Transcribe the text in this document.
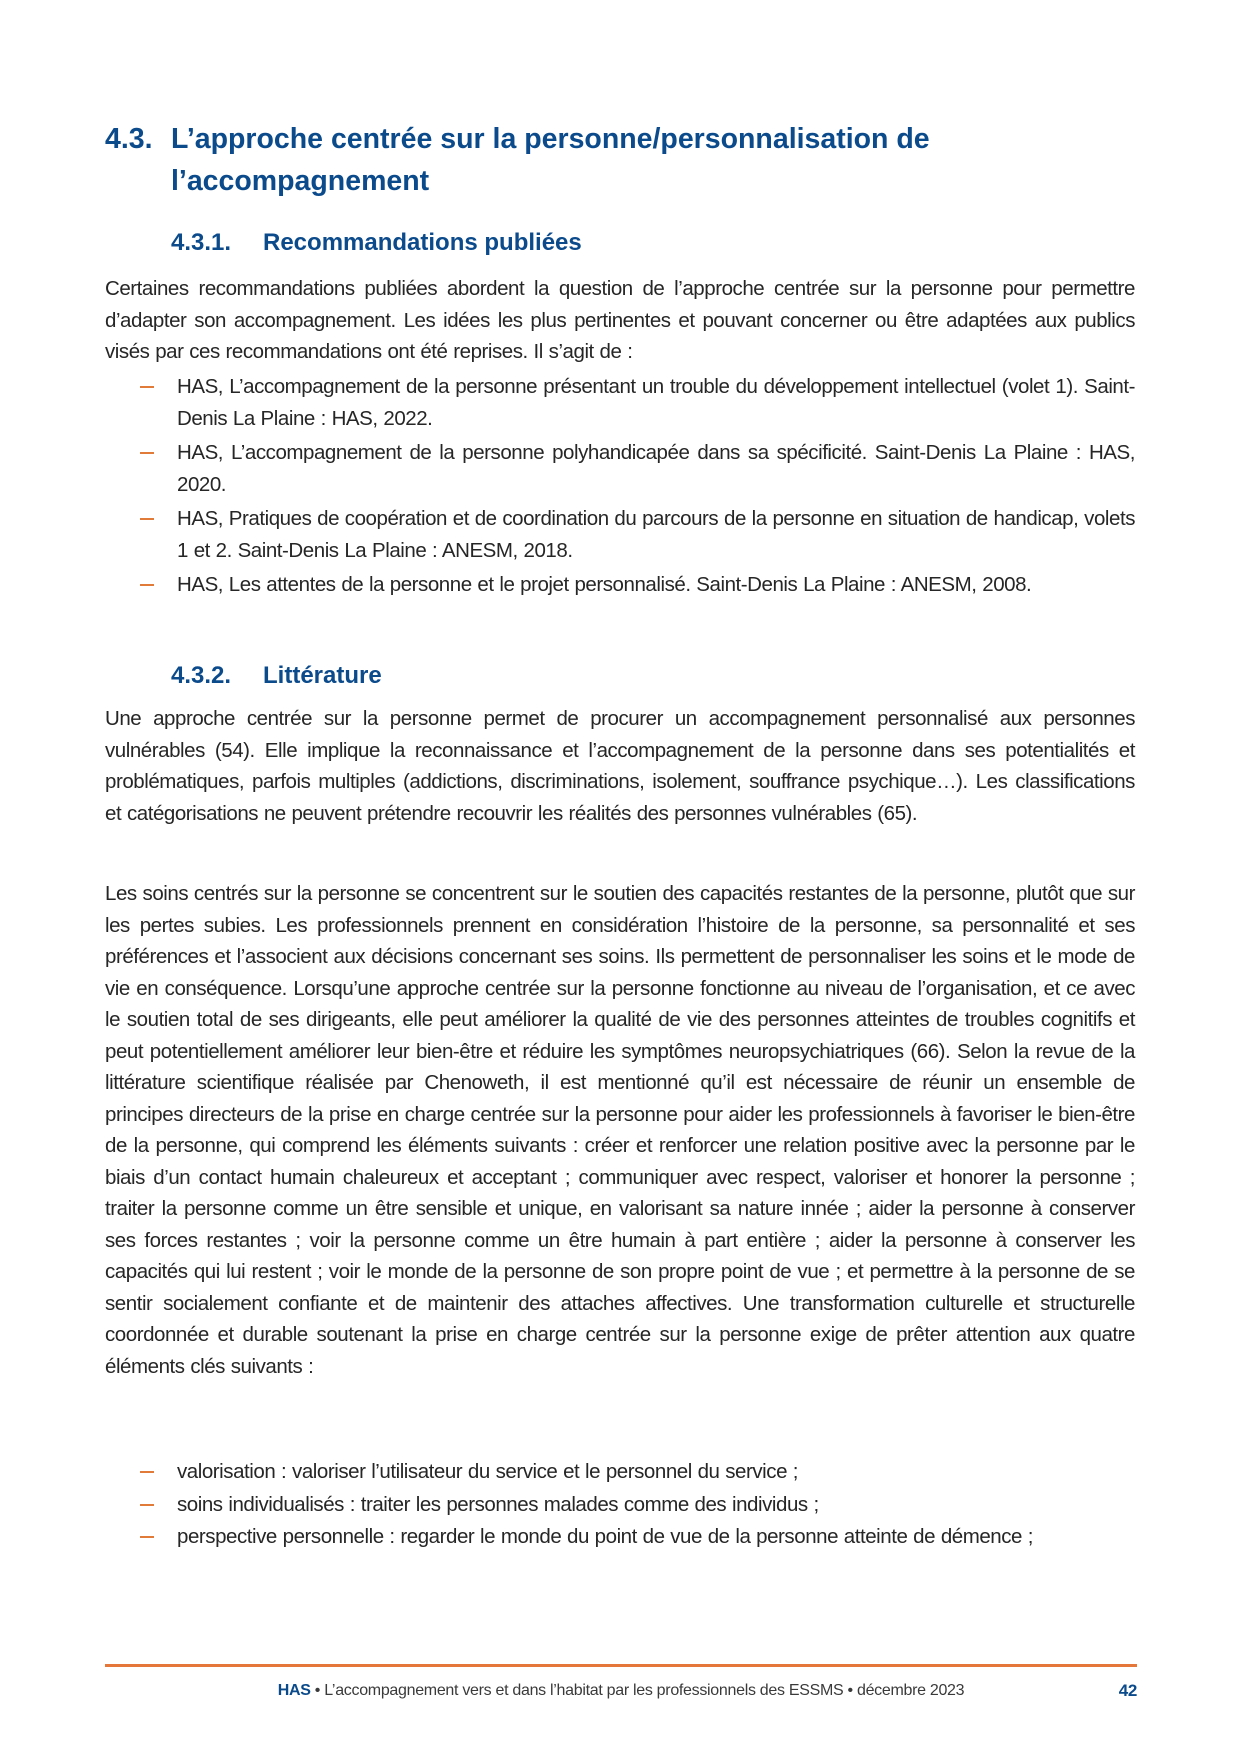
4.3. L’approche centrée sur la personne/personnalisation de l’accompagnement
4.3.1.	Recommandations publiées

Certaines recommandations publiées abordent la question de l’approche centrée sur la personne pour permettre d’adapter son accompagnement. Les idées les plus pertinentes et pouvant concerner ou être adaptées aux publics visés par ces recommandations ont été reprises. Il s’agit de :

HAS, L’accompagnement de la personne présentant un trouble du développement intellectuel (volet 1). Saint-Denis La Plaine : HAS, 2022.
HAS, L’accompagnement de la personne polyhandicapée dans sa spécificité. Saint-Denis La Plaine : HAS, 2020.
HAS, Pratiques de coopération et de coordination du parcours de la personne en situation de handicap, volets 1 et 2. Saint-Denis La Plaine : ANESM, 2018.
HAS, Les attentes de la personne et le projet personnalisé. Saint-Denis La Plaine : ANESM, 2008.
4.3.2.	Littérature

Une approche centrée sur la personne permet de procurer un accompagnement personnalisé aux personnes vulnérables (54). Elle implique la reconnaissance et l’accompagnement de la personne dans ses potentialités et problématiques, parfois multiples (addictions, discriminations, isolement, souffrance psychique…). Les classifications et catégorisations ne peuvent prétendre recouvrir les réalités des personnes vulnérables (65).

Les soins centrés sur la personne se concentrent sur le soutien des capacités restantes de la personne, plutôt que sur les pertes subies. Les professionnels prennent en considération l’histoire de la personne, sa personnalité et ses préférences et l’associent aux décisions concernant ses soins. Ils permettent de personnaliser les soins et le mode de vie en conséquence. Lorsqu’une approche centrée sur la personne fonctionne au niveau de l’organisation, et ce avec le soutien total de ses dirigeants, elle peut améliorer la qualité de vie des personnes atteintes de troubles cognitifs et peut potentiellement améliorer leur bien-être et réduire les symptômes neuropsychiatriques (66). Selon la revue de la littérature scientifique réalisée par Chenoweth, il est mentionné qu’il est nécessaire de réunir un ensemble de principes directeurs de la prise en charge centrée sur la personne pour aider les professionnels à favoriser le bien-être de la personne, qui comprend les éléments suivants : créer et renforcer une relation positive avec la personne par le biais d’un contact humain chaleureux et acceptant ; communiquer avec respect, valoriser et honorer la personne ; traiter la personne comme un être sensible et unique, en valorisant sa nature innée ; aider la personne à conserver ses forces restantes ; voir la personne comme un être humain à part entière ; aider la personne à conserver les capacités qui lui restent ; voir le monde de la personne de son propre point de vue ; et permettre à la personne de se sentir socialement confiante et de maintenir des attaches affectives. Une transformation culturelle et structurelle coordonnée et durable soutenant la prise en charge centrée sur la personne exige de prêter attention aux quatre éléments clés suivants :

valorisation : valoriser l’utilisateur du service et le personnel du service ;
soins individualisés : traiter les personnes malades comme des individus ;
perspective personnelle : regarder le monde du point de vue de la personne atteinte de démence ;
HAS • L’accompagnement vers et dans l’habitat par les professionnels des ESSMS • décembre 2023	42
